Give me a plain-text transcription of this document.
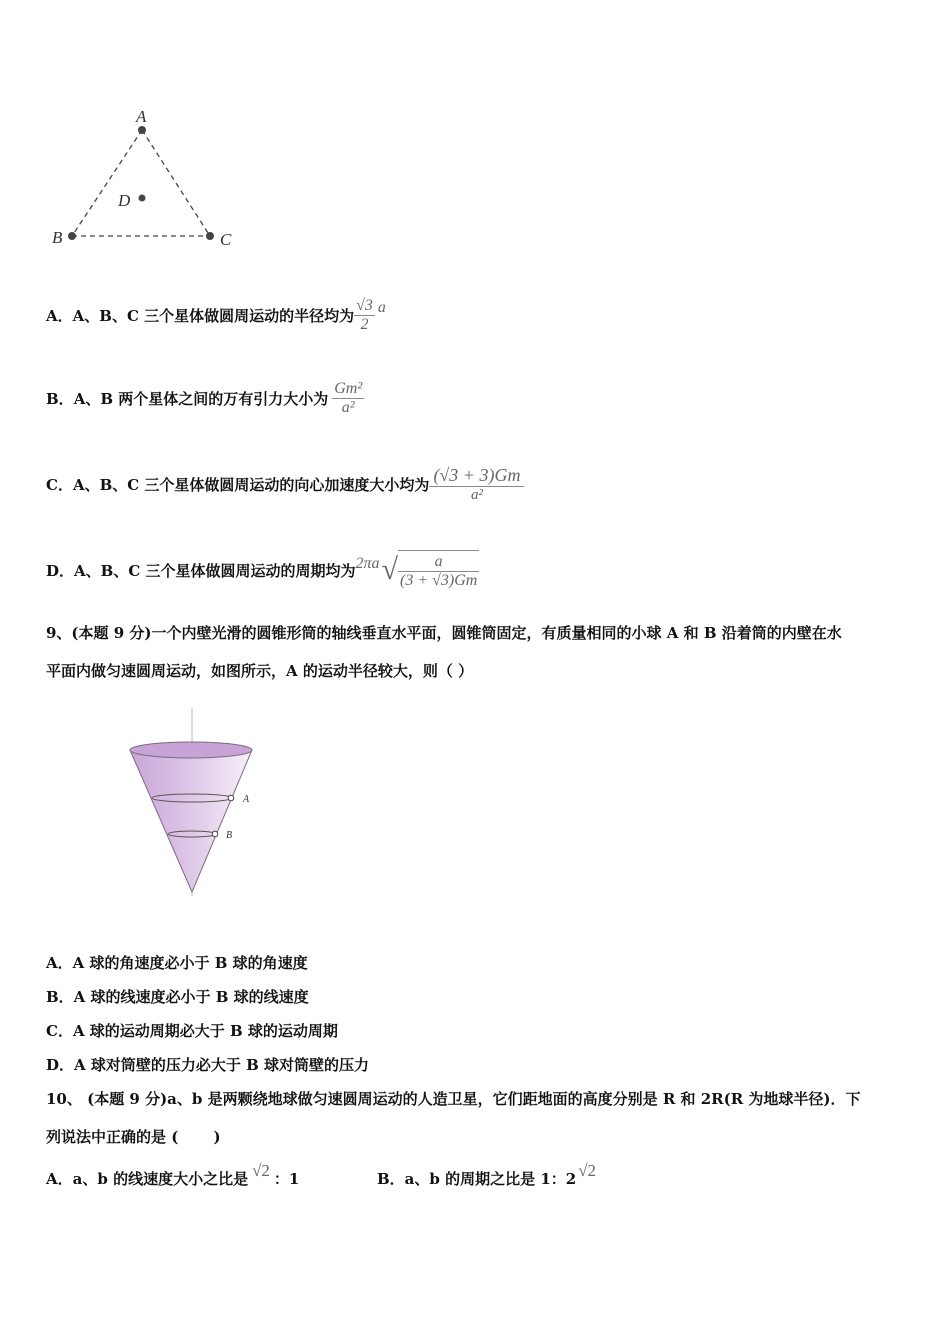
A
B	C
D
A． A、B、C 三个星体做圆周运动的半径均为 $\frac{√3}{2}$ a
B． A、B 两个星体之间的万有引力大小为 $\frac{\text{Gm²}}{\text{a²}}$
C． A、B、C 三个星体做圆周运动的向心加速度大小均为 $\frac{(√3 + 3)Gm}{\text{a²}}$
D． A、B、C 三个星体做圆周运动的周期均为 2πa √ $\frac{a}{(3 + √3)Gm}$
9、(本题 9 分)一个内壁光滑的圆锥形筒的轴线垂直水平面，圆锥筒固定，有质量相同的小球 A 和 B 沿着筒的内壁在水
平面内做匀速圆周运动，如图所示，A 的运动半径较大，则（ ）
A
B
A．A 球的角速度必小于 B 球的角速度
B．A 球的线速度必小于 B 球的线速度
C．A 球的运动周期必大于 B 球的运动周期
D．A 球对筒壁的压力必大于 B 球对筒壁的压力
10、 (本题 9 分)a、b 是两颗绕地球做匀速圆周运动的人造卫星，它们距地面的高度分别是 R 和 2R(R 为地球半径)．下
列说法中正确的是 (　　 )
A．a、b 的线速度大小之比是 √2 ：1	B．a、b 的周期之比是 1：2 √2
